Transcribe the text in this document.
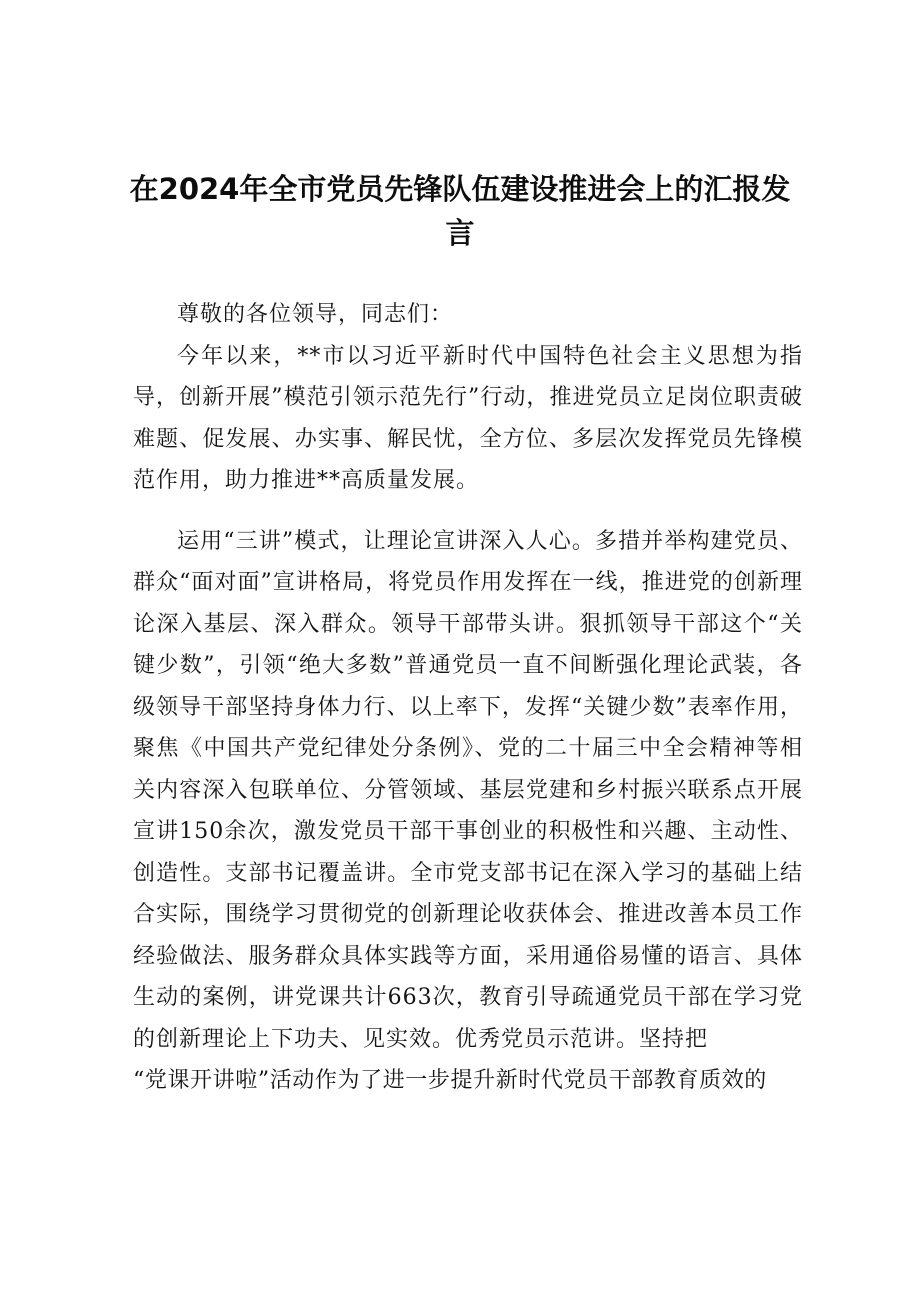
在2024年全市党员先锋队伍建设推进会上的汇报发言

尊敬的各位领导，同志们：

今年以来，**市以习近平新时代中国特色社会主义思想为指导，创新开展”模范引领示范先行”行动，推进党员立足岗位职责破难题、促发展、办实事、解民忧，全方位、多层次发挥党员先锋模范作用，助力推进**高质量发展。

运用“三讲”模式，让理论宣讲深入人心。多措并举构建党员、群众“面对面”宣讲格局，将党员作用发挥在一线，推进党的创新理论深入基层、深入群众。领导干部带头讲。狠抓领导干部这个“关键少数”，引领“绝大多数”普通党员一直不间断强化理论武装，各级领导干部坚持身体力行、以上率下，发挥“关键少数”表率作用，聚焦《中国共产党纪律处分条例》、党的二十届三中全会精神等相关内容深入包联单位、分管领域、基层党建和乡村振兴联系点开展宣讲150余次，激发党员干部干事创业的积极性和兴趣、主动性、创造性。支部书记覆盖讲。全市党支部书记在深入学习的基础上结合实际，围绕学习贯彻党的创新理论收获体会、推进改善本员工作经验做法、服务群众具体实践等方面，采用通俗易懂的语言、具体生动的案例，讲党课共计663次，教育引导疏通党员干部在学习党的创新理论上下功夫、见实效。优秀党员示范讲。坚持把

“党课开讲啦”活动作为了进一步提升新时代党员干部教育质效的
